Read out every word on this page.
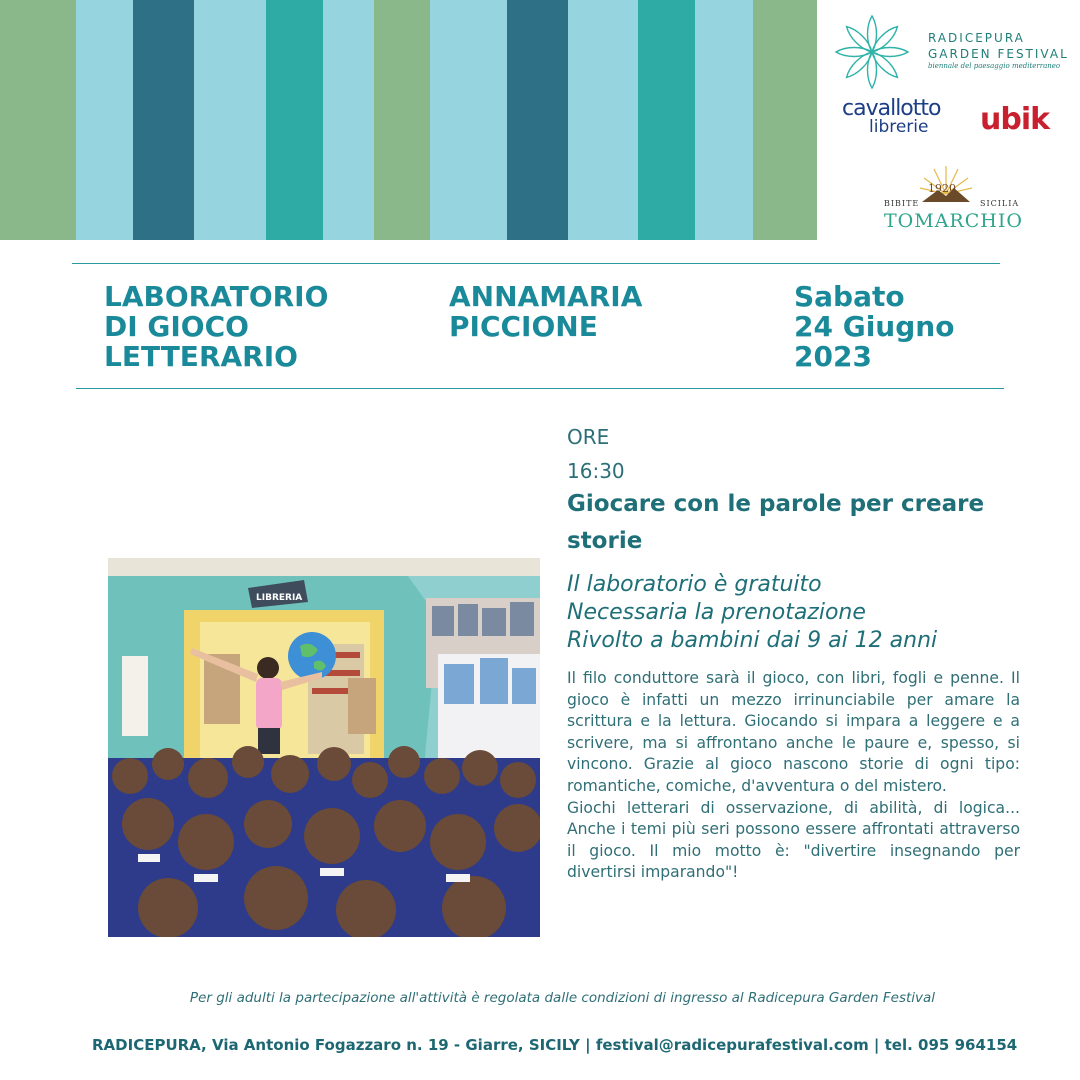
RADICEPURA
GARDEN FESTIVAL
biennale del paesaggio mediterraneo
cavallotto
librerie	ubik
1920
BIBITE	SICILIA
TOMARCHIO
LABORATORIO
DI GIOCO
LETTERARIO
ANNAMARIA
PICCIONE
Sabato
24 Giugno
2023
ORE
16:30
Giocare con le parole per creare storie
Il laboratorio è gratuito
Necessaria la prenotazione
Rivolto a bambini dai 9 ai 12 anni

Il filo conduttore sarà il gioco, con libri, fogli e penne. Il gioco è infatti un mezzo irrinunciabile per amare la scrittura e la lettura. Giocando si impara a leggere e a scrivere, ma si affrontano anche le paure e, spesso, si vincono. Grazie al gioco nascono storie di ogni tipo: romantiche, comiche, d'avventura o del mistero.

Giochi letterari di osservazione, di abilità, di logica... Anche i temi più seri possono essere affrontati attraverso il gioco. Il mio motto è: "divertire insegnando per divertirsi imparando"!

LIBRERIA
Per gli adulti la partecipazione all'attività è regolata dalle condizioni di ingresso al Radicepura Garden Festival
RADICEPURA, Via Antonio Fogazzaro n. 19 - Giarre, SICILY | festival@radicepurafestival.com | tel. 095 964154
